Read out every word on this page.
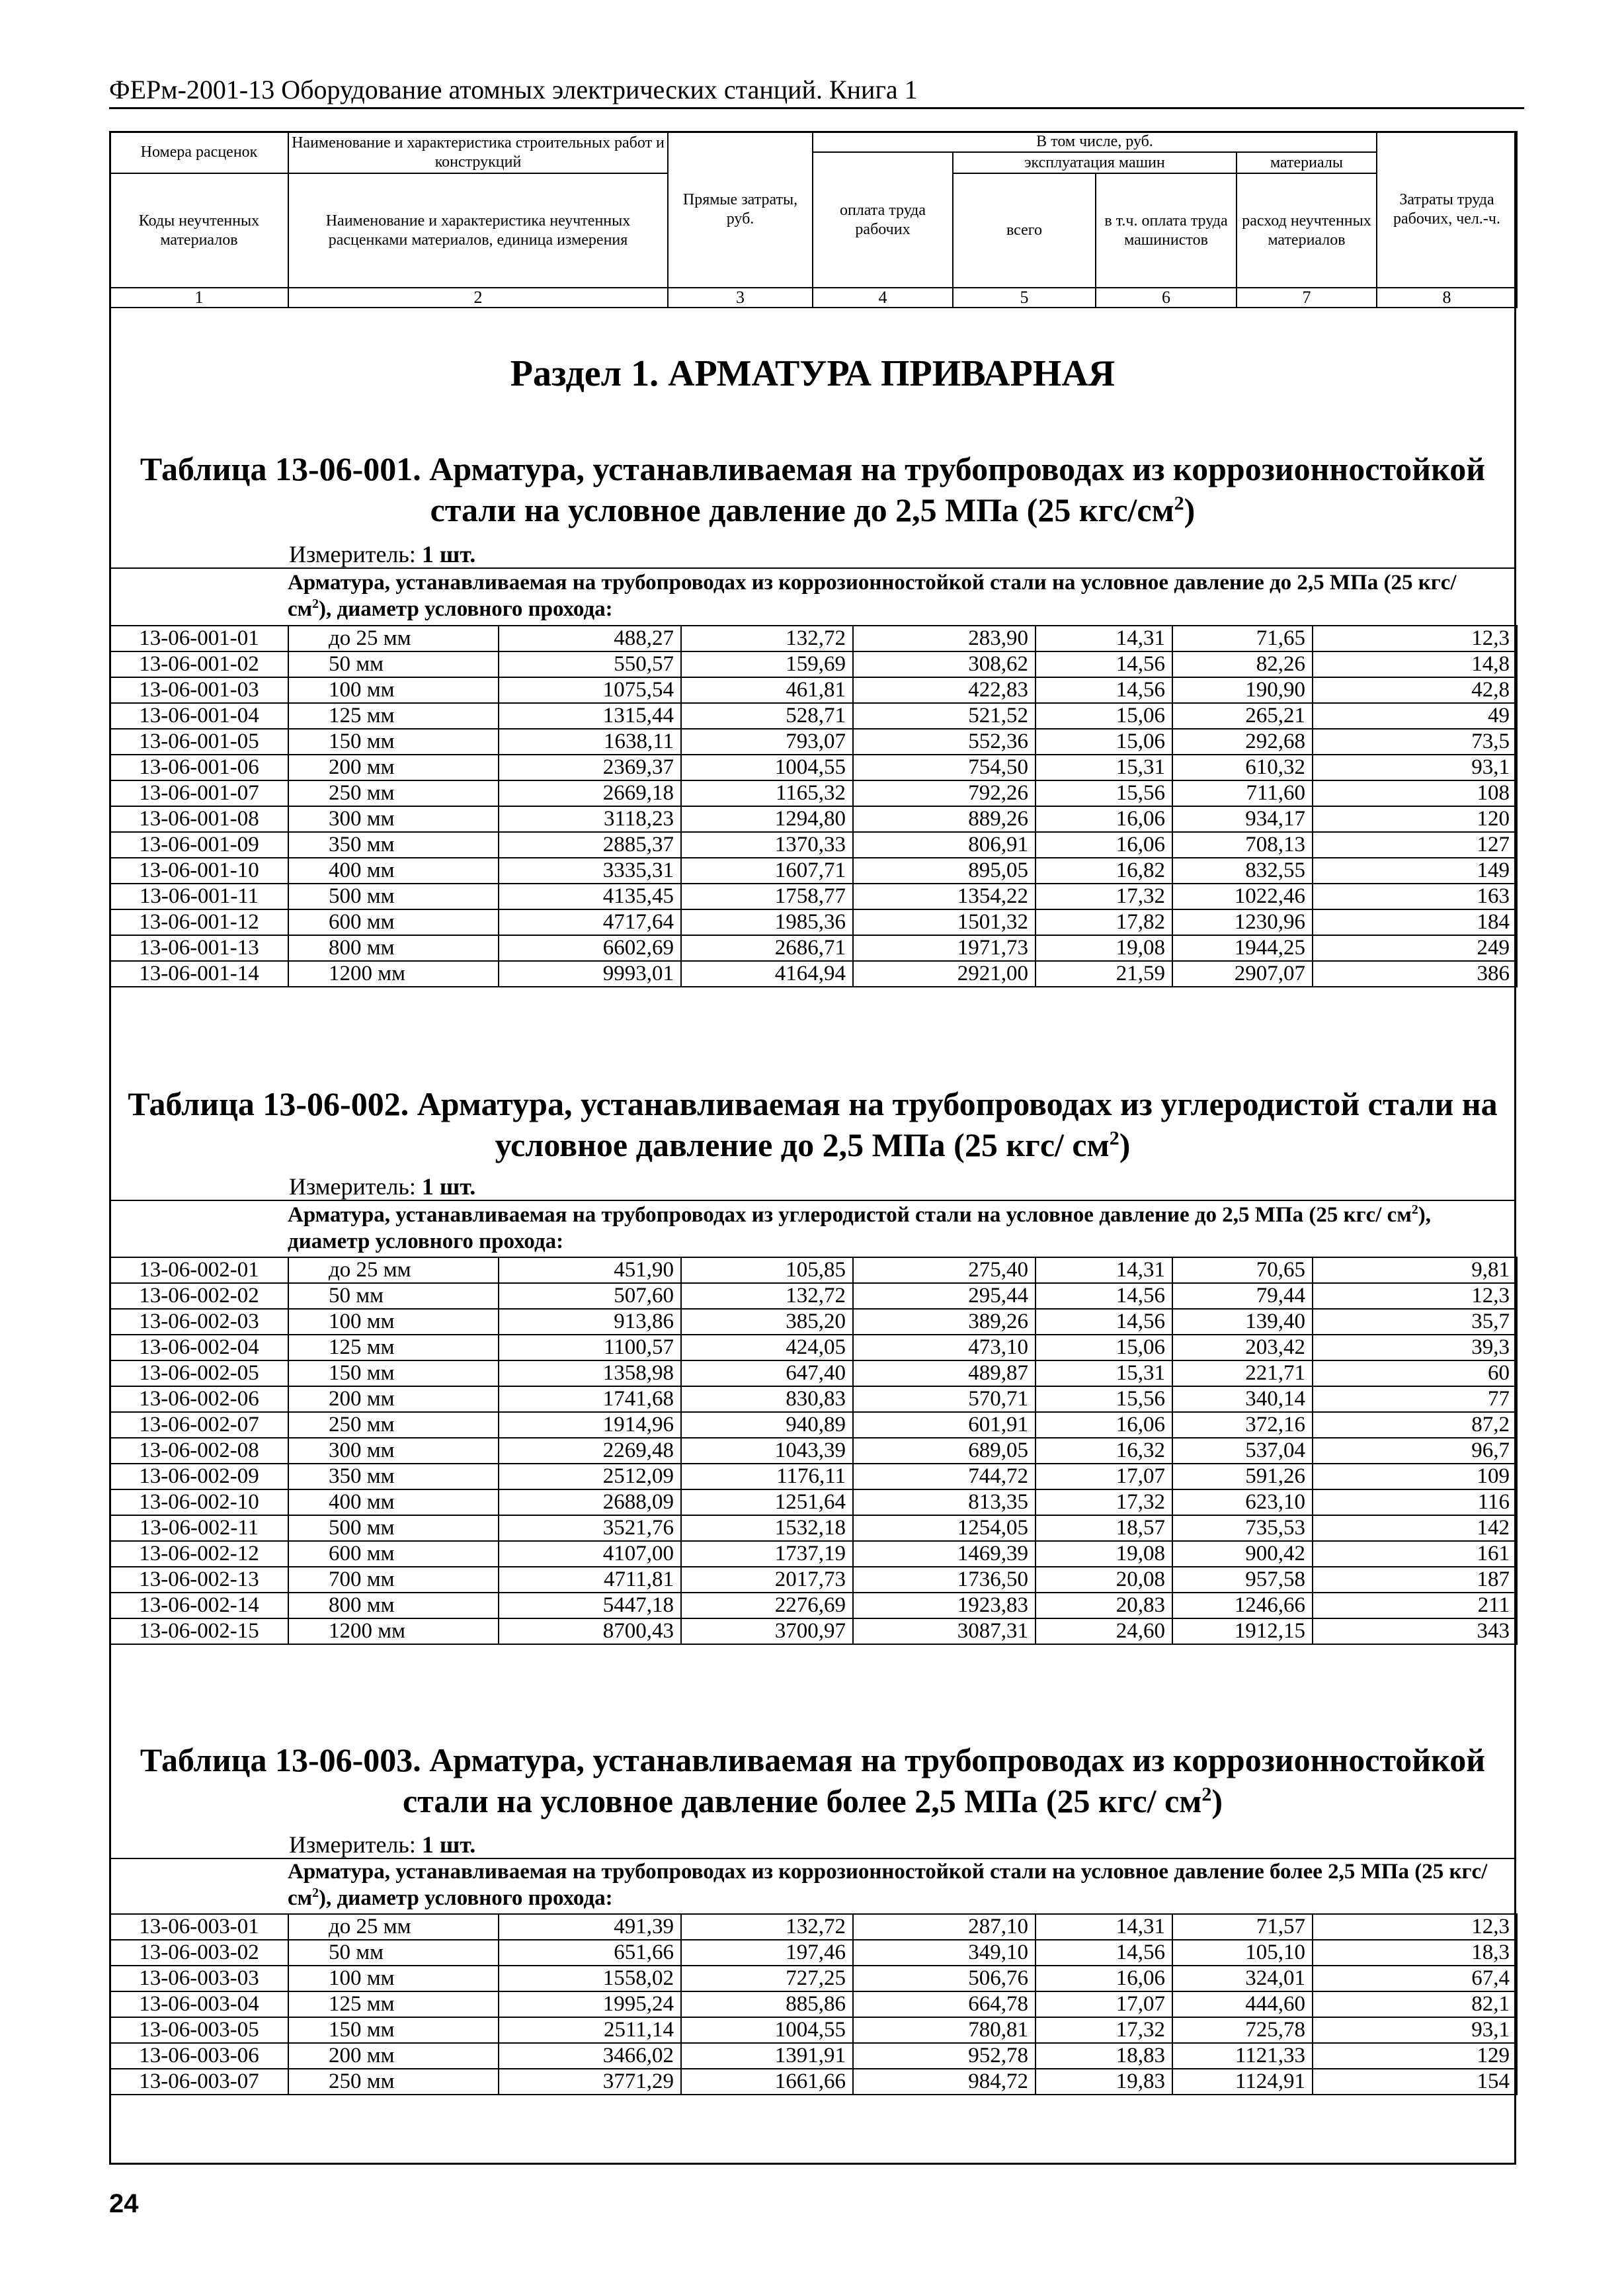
ФЕРм-2001-13 Оборудование атомных электрических станций. Книга 1
Номера расценок	Наименование и характеристика строительных работ и конструкций	Прямые затраты, руб.	В том числе, руб.				Затраты труда рабочих, чел.-ч.
			оплата труда рабочих	эксплуатация машин		материалы	
Коды неучтенных материалов	Наименование и характеристика неучтенных расценками материалов, единица измерения			всего	в т.ч. оплата труда машинистов	расход неучтенных материалов	

1	2	3	4	5	6	7	8
Раздел 1. АРМАТУРА ПРИВАРНАЯ
Таблица 13-06-001. Арматура, устанавливаемая на трубопроводах из коррозионностойкой
стали на условное давление до 2,5 МПа (25 кгс/$см^2$)
Измеритель: 1 шт.
Арматура, устанавливаемая на трубопроводах из коррозионностойкой стали на условное давление до 2,5 МПа (25 кгс/ $см^2$), диаметр условного прохода:
13-06-001-01	до 25 мм	488,27	132,72	283,90	14,31	71,65	12,3
13-06-001-02	50 мм	550,57	159,69	308,62	14,56	82,26	14,8
13-06-001-03	100 мм	1075,54	461,81	422,83	14,56	190,90	42,8
13-06-001-04	125 мм	1315,44	528,71	521,52	15,06	265,21	49
13-06-001-05	150 мм	1638,11	793,07	552,36	15,06	292,68	73,5
13-06-001-06	200 мм	2369,37	1004,55	754,50	15,31	610,32	93,1
13-06-001-07	250 мм	2669,18	1165,32	792,26	15,56	711,60	108
13-06-001-08	300 мм	3118,23	1294,80	889,26	16,06	934,17	120
13-06-001-09	350 мм	2885,37	1370,33	806,91	16,06	708,13	127
13-06-001-10	400 мм	3335,31	1607,71	895,05	16,82	832,55	149
13-06-001-11	500 мм	4135,45	1758,77	1354,22	17,32	1022,46	163
13-06-001-12	600 мм	4717,64	1985,36	1501,32	17,82	1230,96	184
13-06-001-13	800 мм	6602,69	2686,71	1971,73	19,08	1944,25	249
13-06-001-14	1200 мм	9993,01	4164,94	2921,00	21,59	2907,07	386
Таблица 13-06-002. Арматура, устанавливаемая на трубопроводах из углеродистой стали на
условное давление до 2,5 МПа (25 кгс/ $см^2$)
Измеритель: 1 шт.
Арматура, устанавливаемая на трубопроводах из углеродистой стали на условное давление до 2,5 МПа (25 кгс/ $см^2$), диаметр условного прохода:
13-06-002-01	до 25 мм	451,90	105,85	275,40	14,31	70,65	9,81
13-06-002-02	50 мм	507,60	132,72	295,44	14,56	79,44	12,3
13-06-002-03	100 мм	913,86	385,20	389,26	14,56	139,40	35,7
13-06-002-04	125 мм	1100,57	424,05	473,10	15,06	203,42	39,3
13-06-002-05	150 мм	1358,98	647,40	489,87	15,31	221,71	60
13-06-002-06	200 мм	1741,68	830,83	570,71	15,56	340,14	77
13-06-002-07	250 мм	1914,96	940,89	601,91	16,06	372,16	87,2
13-06-002-08	300 мм	2269,48	1043,39	689,05	16,32	537,04	96,7
13-06-002-09	350 мм	2512,09	1176,11	744,72	17,07	591,26	109
13-06-002-10	400 мм	2688,09	1251,64	813,35	17,32	623,10	116
13-06-002-11	500 мм	3521,76	1532,18	1254,05	18,57	735,53	142
13-06-002-12	600 мм	4107,00	1737,19	1469,39	19,08	900,42	161
13-06-002-13	700 мм	4711,81	2017,73	1736,50	20,08	957,58	187
13-06-002-14	800 мм	5447,18	2276,69	1923,83	20,83	1246,66	211
13-06-002-15	1200 мм	8700,43	3700,97	3087,31	24,60	1912,15	343
Таблица 13-06-003. Арматура, устанавливаемая на трубопроводах из коррозионностойкой
стали на условное давление более 2,5 МПа (25 кгс/ $см^2$)
Измеритель: 1 шт.
Арматура, устанавливаемая на трубопроводах из коррозионностойкой стали на условное давление более 2,5 МПа (25 кгс/ $см^2$), диаметр условного прохода:
13-06-003-01	до 25 мм	491,39	132,72	287,10	14,31	71,57	12,3
13-06-003-02	50 мм	651,66	197,46	349,10	14,56	105,10	18,3
13-06-003-03	100 мм	1558,02	727,25	506,76	16,06	324,01	67,4
13-06-003-04	125 мм	1995,24	885,86	664,78	17,07	444,60	82,1
13-06-003-05	150 мм	2511,14	1004,55	780,81	17,32	725,78	93,1
13-06-003-06	200 мм	3466,02	1391,91	952,78	18,83	1121,33	129
13-06-003-07	250 мм	3771,29	1661,66	984,72	19,83	1124,91	154
24
